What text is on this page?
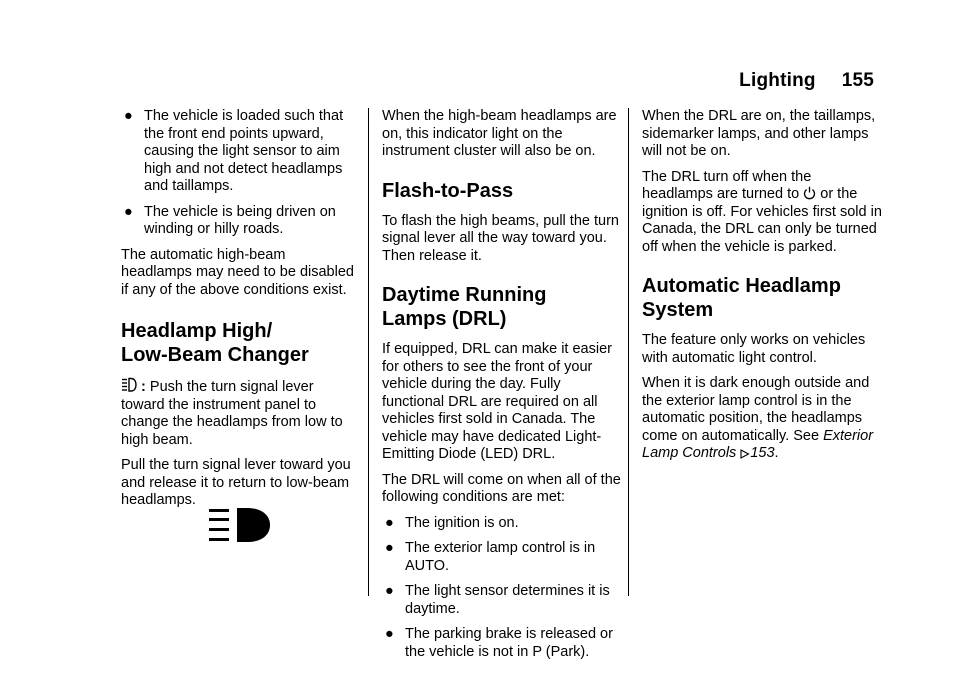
Lighting 155
● The vehicle is loaded such that the front end points upward, causing the light sensor to aim high and not detect headlamps and taillamps.
● The vehicle is being driven on winding or hilly roads.

The automatic high-beam headlamps may need to be disabled if any of the above conditions exist.

Headlamp High/
Low-Beam Changer

: Push the turn signal lever toward the instrument panel to change the headlamps from low to high beam.

Pull the turn signal lever toward you and release it to return to low-beam headlamps.

When the high-beam headlamps are on, this indicator light on the instrument cluster will also be on.

Flash-to-Pass

To flash the high beams, pull the turn signal lever all the way toward you. Then release it.

Daytime Running
Lamps (DRL)

If equipped, DRL can make it easier for others to see the front of your vehicle during the day. Fully functional DRL are required on all vehicles first sold in Canada. The vehicle may have dedicated Light-Emitting Diode (LED) DRL.

The DRL will come on when all of the following conditions are met:

● The ignition is on.
● The exterior lamp control is in AUTO.
● The light sensor determines it is daytime.
● The parking brake is released or the vehicle is not in P (Park).

When the DRL are on, the taillamps, sidemarker lamps, and other lamps will not be on.

The DRL turn off when the headlamps are turned to or the ignition is off. For vehicles first sold in Canada, the DRL can only be turned off when the vehicle is parked.

Automatic Headlamp
System

The feature only works on vehicles with automatic light control.

When it is dark enough outside and the exterior lamp control is in the automatic position, the headlamps come on automatically. See Exterior Lamp Controls 153.
